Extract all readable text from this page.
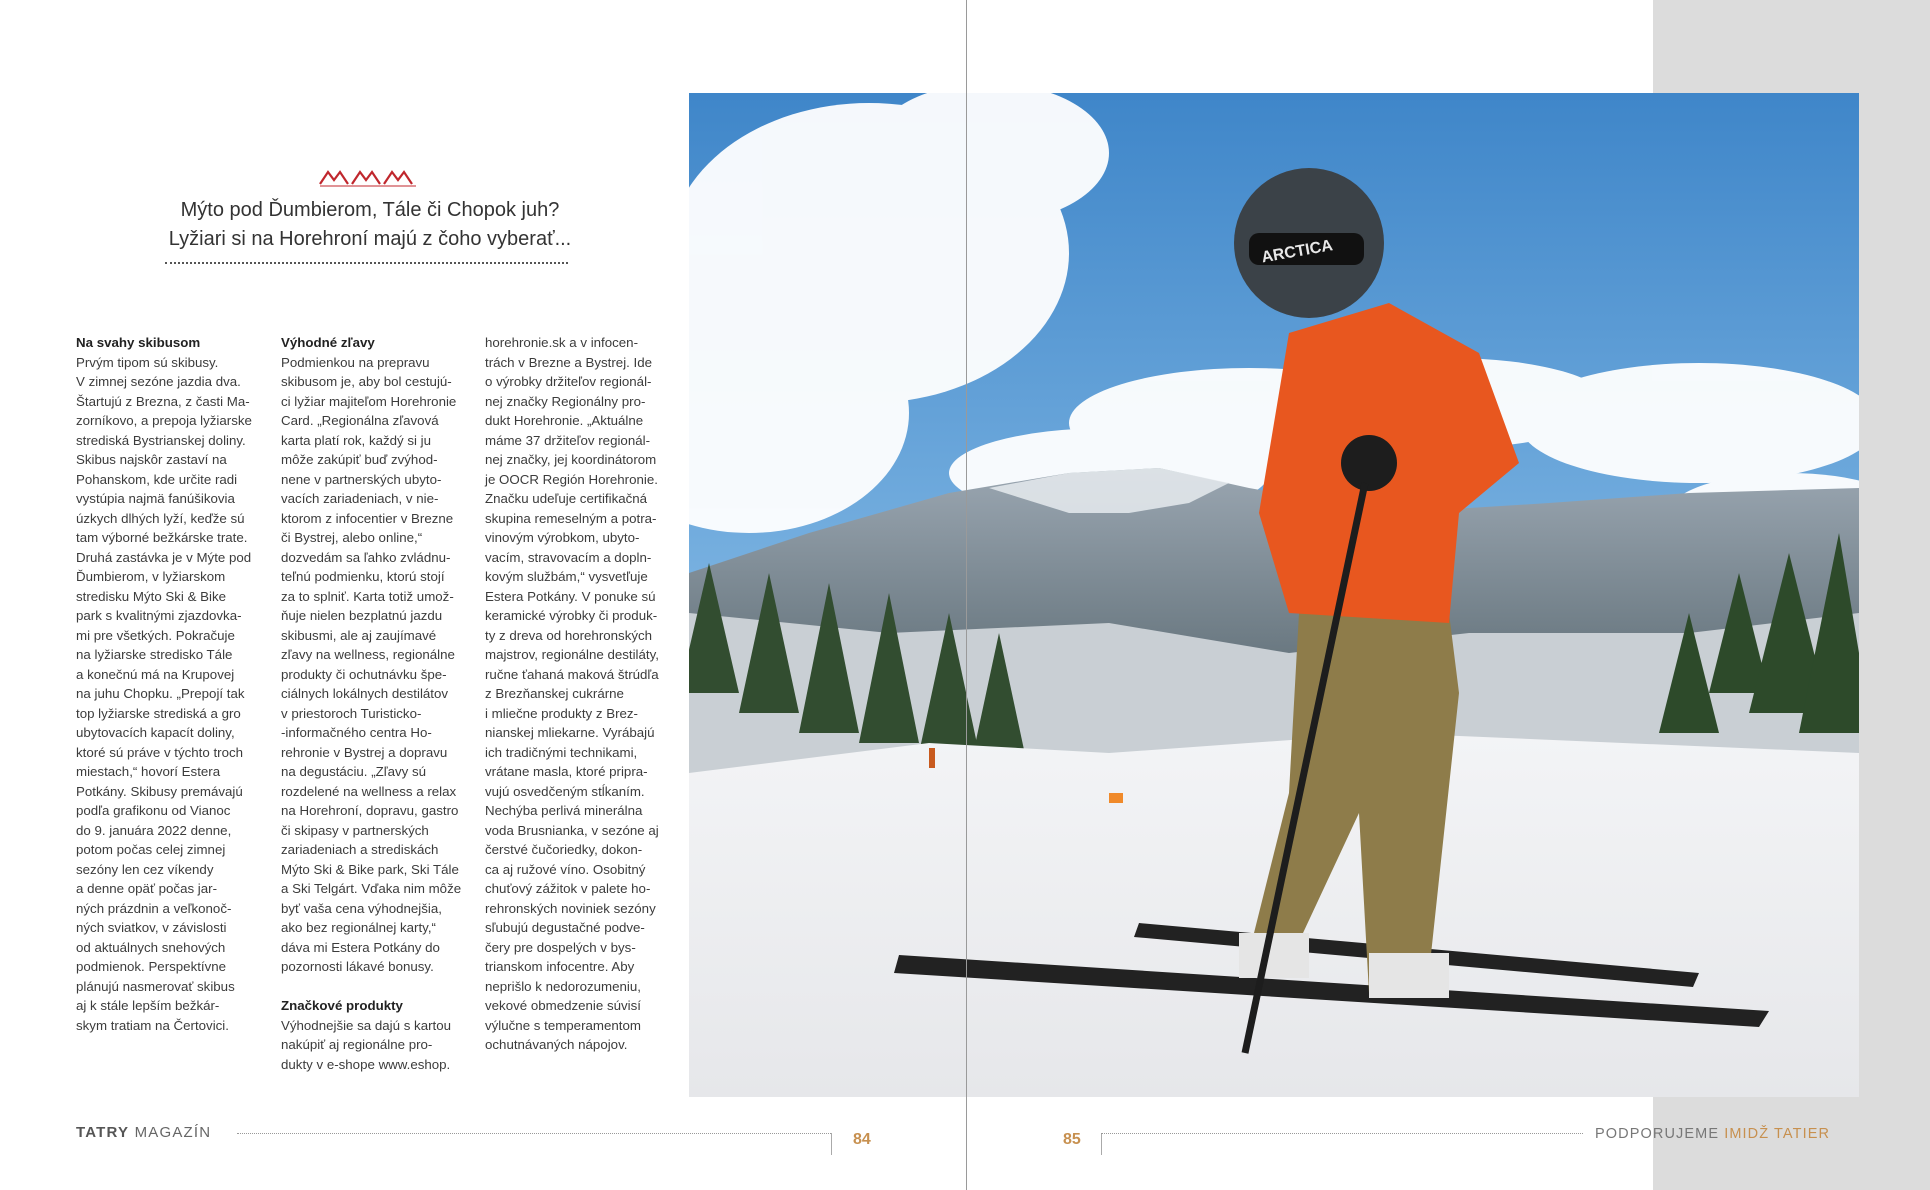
ARCTICA
Mýto pod Ďumbierom, Tále či Chopok juh?
Lyžiari si na Horehroní majú z čoho vyberať...
Na svahy skibusom
Prvým tipom sú skibusy.
V zimnej sezóne jazdia dva.
Štartujú z Brezna, z časti Ma-
zorníkovo, a prepoja lyžiarske
strediská Bystrianskej doliny.
Skibus najskôr zastaví na
Pohanskom, kde určite radi
vystúpia najmä fanúšikovia
úzkych dlhých lyží, keďže sú
tam výborné bežkárske trate.
Druhá zastávka je v Mýte pod
Ďumbierom, v lyžiarskom
stredisku Mýto Ski & Bike
park s kvalitnými zjazdovka-
mi pre všetkých. Pokračuje
na lyžiarske stredisko Tále
a konečnú má na Krupovej
na juhu Chopku. „Prepojí tak
top lyžiarske strediská a gro
ubytovacích kapacít doliny,
ktoré sú práve v týchto troch
miestach,“ hovorí Estera
Potkány. Skibusy premávajú
podľa grafikonu od Vianoc
do 9. januára 2022 denne,
potom počas celej zimnej
sezóny len cez víkendy
a denne opäť počas jar-
ných prázdnin a veľkonoč-
ných sviatkov, v závislosti
od aktuálnych snehových
podmienok. Perspektívne
plánujú nasmerovať skibus
aj k stále lepším bežkár-
skym tratiam na Čertovici.
Výhodné zľavy
Podmienkou na prepravu
skibusom je, aby bol cestujú-
ci lyžiar majiteľom Horehronie
Card. „Regionálna zľavová
karta platí rok, každý si ju
môže zakúpiť buď zvýhod-
nene v partnerských ubyto-
vacích zariadeniach, v nie-
ktorom z infocentier v Brezne
či Bystrej, alebo online,“
dozvedám sa ľahko zvládnu-
teľnú podmienku, ktorú stojí
za to splniť. Karta totiž umož-
ňuje nielen bezplatnú jazdu
skibusmi, ale aj zaujímavé
zľavy na wellness, regionálne
produkty či ochutnávku špe-
ciálnych lokálnych destilátov
v priestoroch Turisticko-
-informačného centra Ho-
rehronie v Bystrej a dopravu
na degustáciu. „Zľavy sú
rozdelené na wellness a relax
na Horehroní, dopravu, gastro
či skipasy v partnerských
zariadeniach a strediskách
Mýto Ski & Bike park, Ski Tále
a Ski Telgárt. Vďaka nim môže
byť vaša cena výhodnejšia,
ako bez regionálnej karty,“
dáva mi Estera Potkány do
pozornosti lákavé bonusy.

Značkové produkty
Výhodnejšie sa dajú s kartou
nakúpiť aj regionálne pro-
dukty v e-shope www.eshop.
horehronie.sk a v infocen-
trách v Brezne a Bystrej. Ide
o výrobky držiteľov regionál-
nej značky Regionálny pro-
dukt Horehronie. „Aktuálne
máme 37 držiteľov regionál-
nej značky, jej koordinátorom
je OOCR Región Horehronie.
Značku udeľuje certifikačná
skupina remeselným a potra-
vinovým výrobkom, ubyto-
vacím, stravovacím a dopln-
kovým službám,“ vysvetľuje
Estera Potkány. V ponuke sú
keramické výrobky či produk-
ty z dreva od horehronských
majstrov, regionálne destiláty,
ručne ťahaná maková štrúdľa
z Brezňanskej cukrárne
i mliečne produkty z Brez-
nianskej mliekarne. Vyrábajú
ich tradičnými technikami,
vrátane masla, ktoré pripra-
vujú osvedčeným stĺkaním.
Nechýba perlivá minerálna
voda Brusnianka, v sezóne aj
čerstvé čučoriedky, dokon-
ca aj ružové víno. Osobitný
chuťový zážitok v palete ho-
rehronských noviniek sezóny
sľubujú degustačné podve-
čery pre dospelých v bys-
trianskom infocentre. Aby
neprišlo k nedorozumeniu,
vekové obmedzenie súvisí
výlučne s temperamentom
ochutnávaných nápojov.
TATRY MAGAZÍN	84	85	PODPORUJEME IMIDŽ TATIER
